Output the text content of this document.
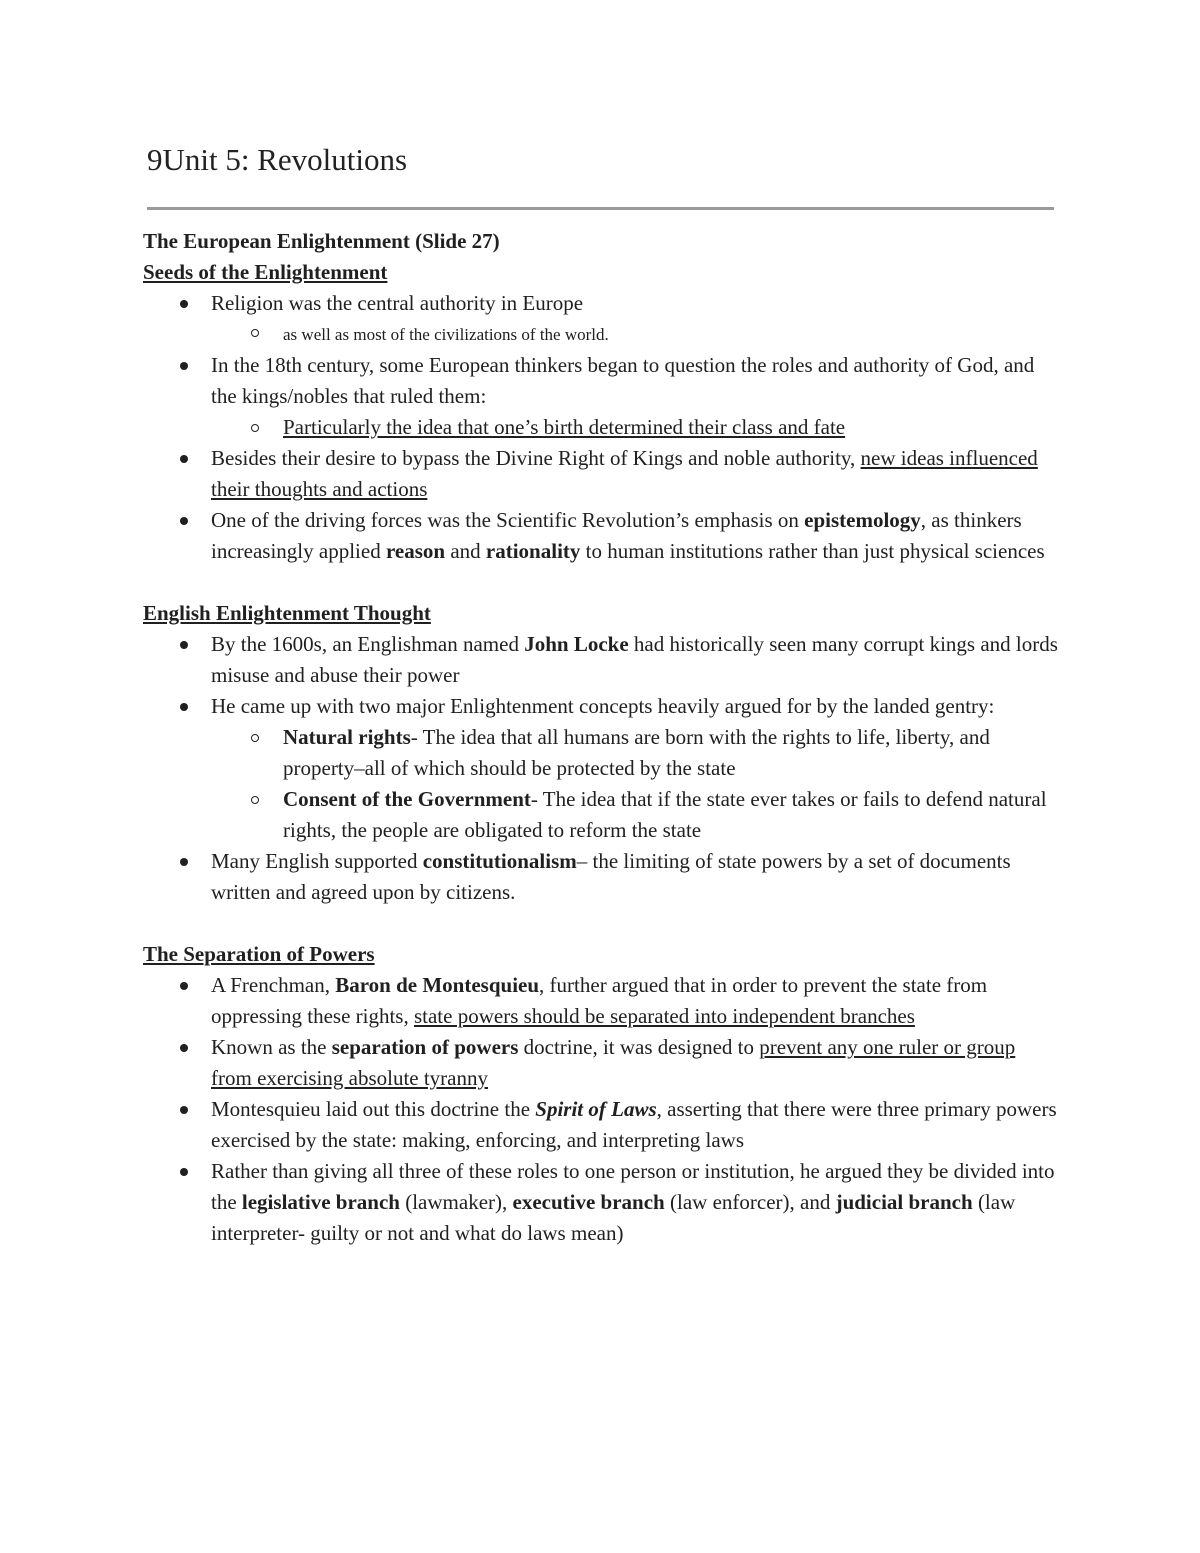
9Unit 5: Revolutions

The European Enlightenment (Slide 27)

Seeds of the Enlightenment

Religion was the central authority in Europe
as well as most of the civilizations of the world.
In the 18th century, some European thinkers began to question the roles and authority of God, and the kings/nobles that ruled them:
Particularly the idea that one’s birth determined their class and fate
Besides their desire to bypass the Divine Right of Kings and noble authority, new ideas influenced their thoughts and actions
One of the driving forces was the Scientific Revolution’s emphasis on epistemology, as thinkers increasingly applied reason and rationality to human institutions rather than just physical sciences

English Enlightenment Thought

By the 1600s, an Englishman named John Locke had historically seen many corrupt kings and lords misuse and abuse their power
He came up with two major Enlightenment concepts heavily argued for by the landed gentry:
Natural rights- The idea that all humans are born with the rights to life, liberty, and property–all of which should be protected by the state
Consent of the Government- The idea that if the state ever takes or fails to defend natural rights, the people are obligated to reform the state
Many English supported constitutionalism– the limiting of state powers by a set of documents written and agreed upon by citizens.

The Separation of Powers

A Frenchman, Baron de Montesquieu, further argued that in order to prevent the state from oppressing these rights, state powers should be separated into independent branches
Known as the separation of powers doctrine, it was designed to prevent any one ruler or group from exercising absolute tyranny
Montesquieu laid out this doctrine the Spirit of Laws, asserting that there were three primary powers exercised by the state: making, enforcing, and interpreting laws
Rather than giving all three of these roles to one person or institution, he argued they be divided into the legislative branch (lawmaker), executive branch (law enforcer), and judicial branch (law interpreter- guilty or not and what do laws mean)
